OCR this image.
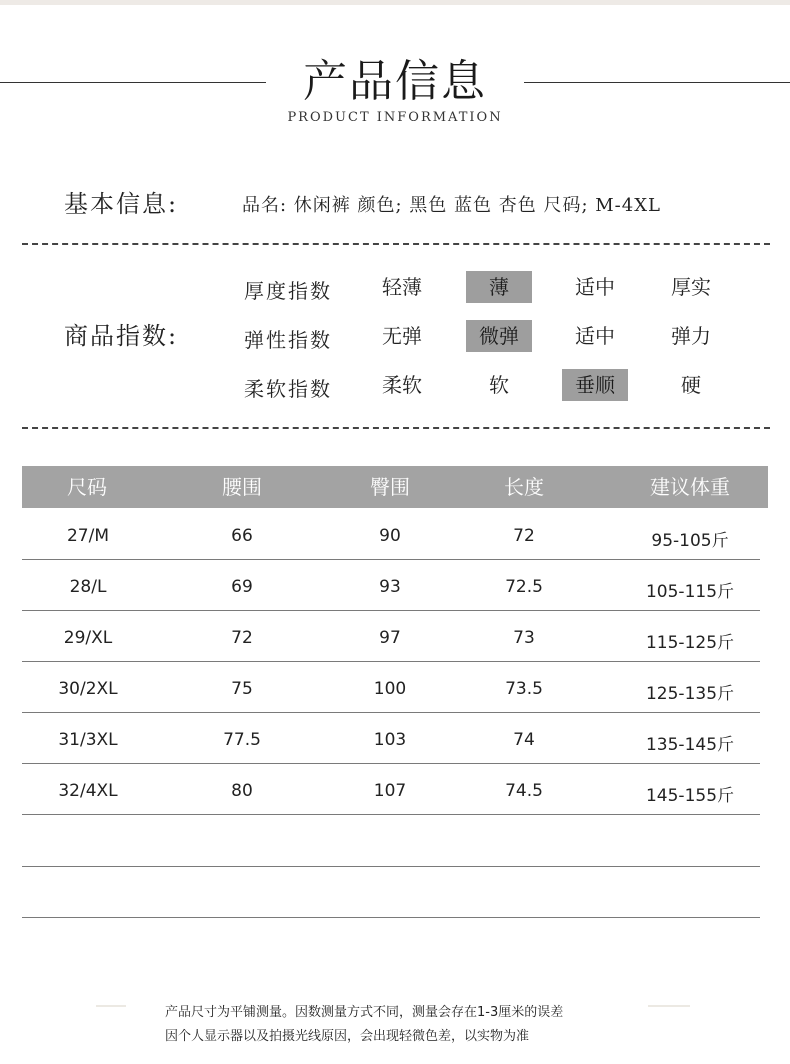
产品信息
PRODUCT INFORMATION
基本信息:	品名: 休闲裤 颜色; 黑色 蓝色 杏色 尺码; M-4XL
商品指数:
厚度指数	轻薄	薄	适中	厚实
弹性指数	无弹	微弹	适中	弹力
柔软指数	柔软	软	垂顺	硬
尺码	腰围	臀围	长度	建议体重
27/M	66	90	72	95-105斤
28/L	69	93	72.5	105-115斤
29/XL	72	97	73	115-125斤
30/2XL	75	100	73.5	125-135斤
31/3XL	77.5	103	74	135-145斤
32/4XL	80	107	74.5	145-155斤
产品尺寸为平铺测量。因数测量方式不同，测量会存在1-3厘米的误差
因个人显示器以及拍摄光线原因，会出现轻微色差，以实物为准
